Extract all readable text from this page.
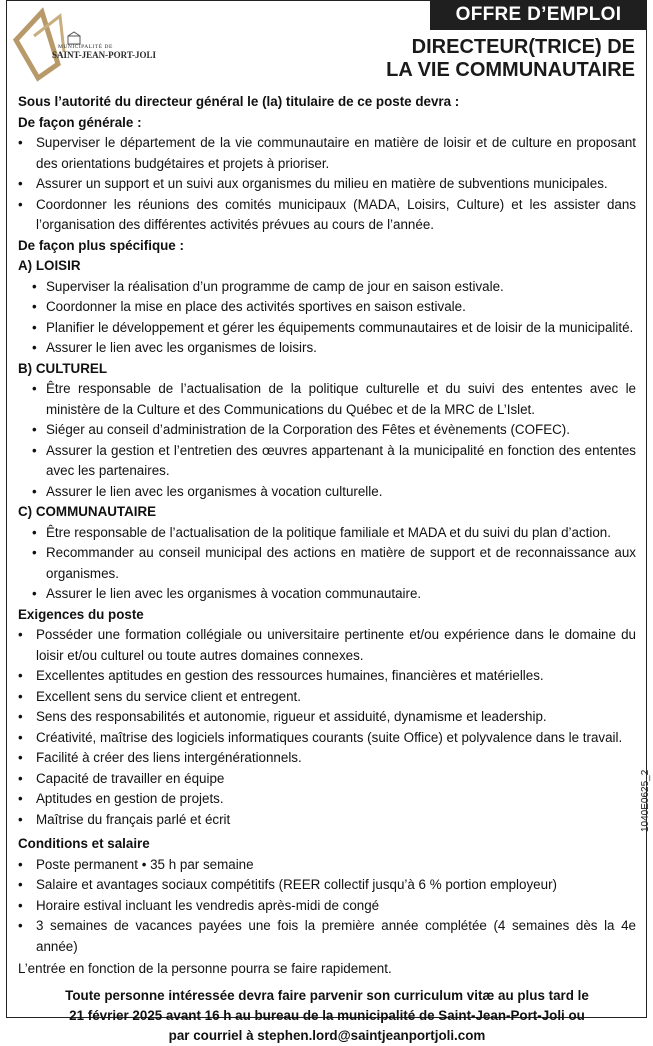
OFFRE D’EMPLOI
MUNICIPALITÉ DE
SAINT-JEAN-PORT-JOLI	DIRECTEUR(TRICE) DE
LA VIE COMMUNAUTAIRE
Sous l’autorité du directeur général le (la) titulaire de ce poste devra :
De façon générale :
• Superviser le département de la vie communautaire en matière de loisir et de culture en proposant des orientations budgétaires et projets à prioriser.
• Assurer un support et un suivi aux organismes du milieu en matière de subventions municipales.
• Coordonner les réunions des comités municipaux (MADA, Loisirs, Culture) et les assister dans l’organisation des différentes activités prévues au cours de l’année.
De façon plus spécifique :
A) LOISIR
• Superviser la réalisation d’un programme de camp de jour en saison estivale.
• Coordonner la mise en place des activités sportives en saison estivale.
• Planifier le développement et gérer les équipements communautaires et de loisir de la municipalité.
• Assurer le lien avec les organismes de loisirs.
B) CULTUREL
• Être responsable de l’actualisation de la politique culturelle et du suivi des ententes avec le ministère de la Culture et des Communications du Québec et de la MRC de L’Islet.
• Siéger au conseil d’administration de la Corporation des Fêtes et évènements (COFEC).
• Assurer la gestion et l’entretien des œuvres appartenant à la municipalité en fonction des ententes avec les partenaires.
• Assurer le lien avec les organismes à vocation culturelle.
C) COMMUNAUTAIRE
• Être responsable de l’actualisation de la politique familiale et MADA et du suivi du plan d’action.
• Recommander au conseil municipal des actions en matière de support et de reconnaissance aux organismes.
• Assurer le lien avec les organismes à vocation communautaire.
Exigences du poste
• Posséder une formation collégiale ou universitaire pertinente et/ou expérience dans le domaine du loisir et/ou culturel ou toute autres domaines connexes.
• Excellentes aptitudes en gestion des ressources humaines, financières et matérielles.
• Excellent sens du service client et entregent.
• Sens des responsabilités et autonomie, rigueur et assiduité, dynamisme et leadership.
• Créativité, maîtrise des logiciels informatiques courants (suite Office) et polyvalence dans le travail.
• Facilité à créer des liens intergénérationnels.
• Capacité de travailler en équipe
• Aptitudes en gestion de projets.
• Maîtrise du français parlé et écrit
Conditions et salaire
• Poste permanent • 35 h par semaine
• Salaire et avantages sociaux compétitifs (REER collectif jusqu’à 6 % portion employeur)
• Horaire estival incluant les vendredis après-midi de congé
• 3 semaines de vacances payées une fois la première année complétée (4 semaines dès la 4e année)
L’entrée en fonction de la personne pourra se faire rapidement.
Toute personne intéressée devra faire parvenir son curriculum vitæ au plus tard le
21 février 2025 avant 16 h au bureau de la municipalité de Saint-Jean-Port-Joli ou
par courriel à stephen.lord@saintjeanportjoli.com
1040E0625_2
